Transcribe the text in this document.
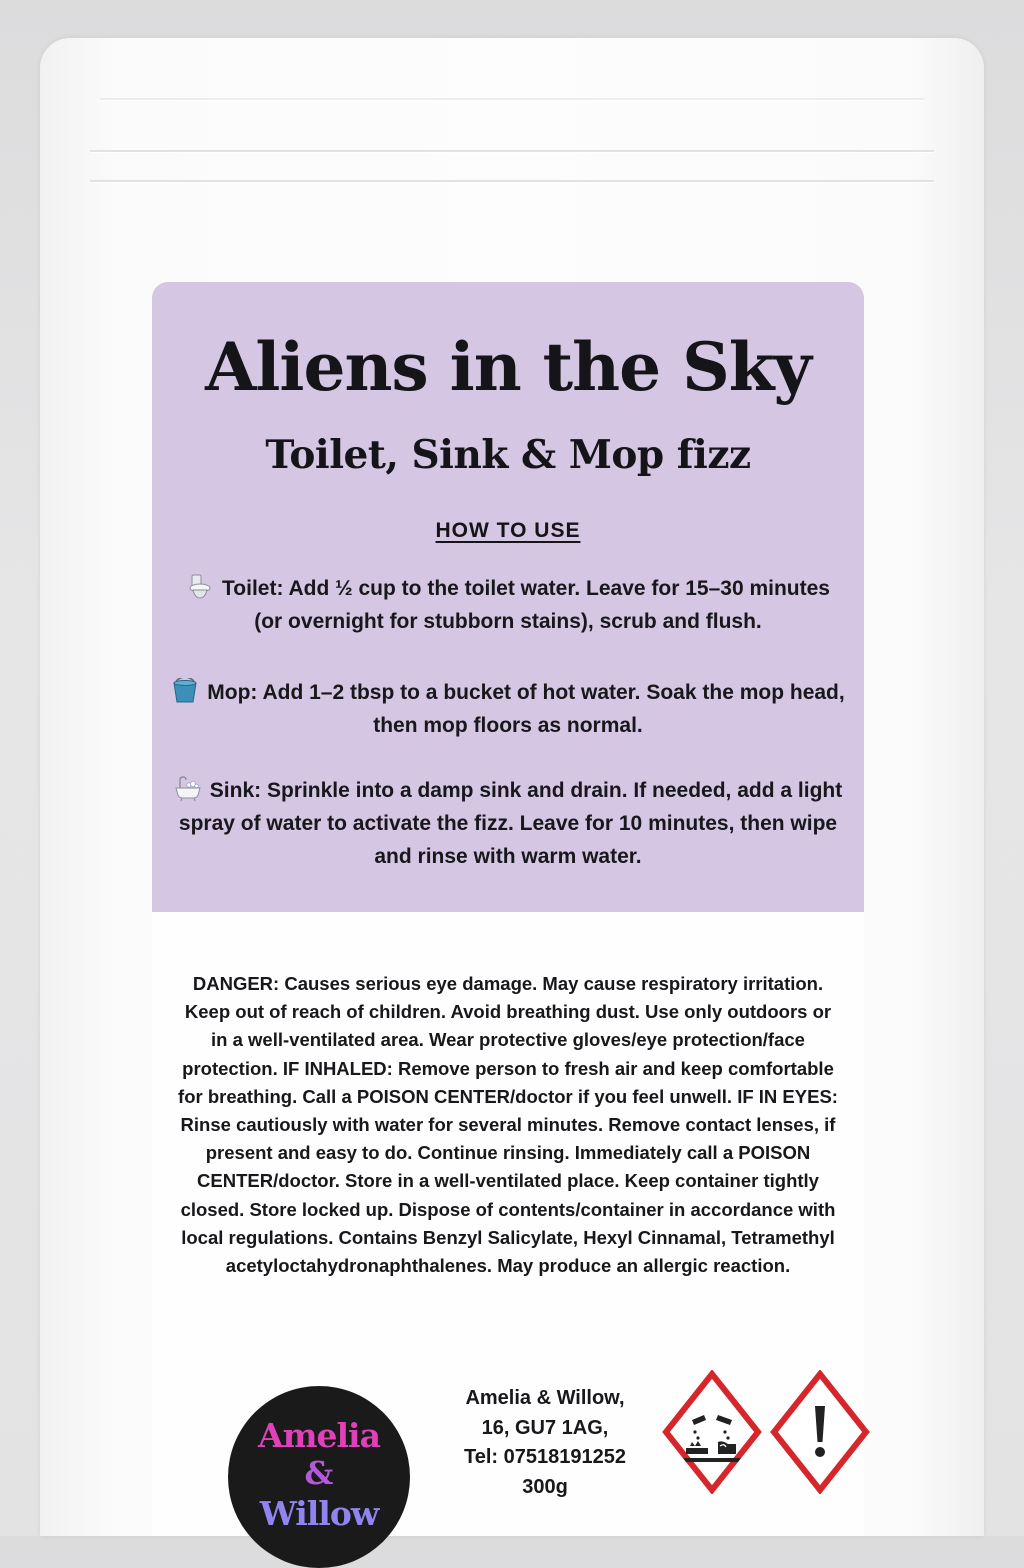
Aliens in the Sky
Toilet, Sink & Mop fizz
HOW TO USE
Toilet: Add ½ cup to the toilet water. Leave for 15–30 minutes (or overnight for stubborn stains), scrub and flush.
Mop: Add 1–2 tbsp to a bucket of hot water. Soak the mop head, then mop floors as normal.
Sink: Sprinkle into a damp sink and drain. If needed, add a light spray of water to activate the fizz. Leave for 10 minutes, then wipe and rinse with warm water.
DANGER: Causes serious eye damage. May cause respiratory irritation. Keep out of reach of children. Avoid breathing dust. Use only outdoors or in a well-ventilated area. Wear protective gloves/eye protection/face protection. IF INHALED: Remove person to fresh air and keep comfortable for breathing. Call a POISON CENTER/doctor if you feel unwell. IF IN EYES: Rinse cautiously with water for several minutes. Remove contact lenses, if present and easy to do. Continue rinsing. Immediately call a POISON CENTER/doctor. Store in a well-ventilated place. Keep container tightly closed. Store locked up. Dispose of contents/container in accordance with local regulations. Contains Benzyl Salicylate, Hexyl Cinnamal, Tetramethyl acetyloctahydronaphthalenes. May produce an allergic reaction.
Amelia
&
Willow
Amelia & Willow,
16, GU7 1AG,
Tel: 07518191252
300g
